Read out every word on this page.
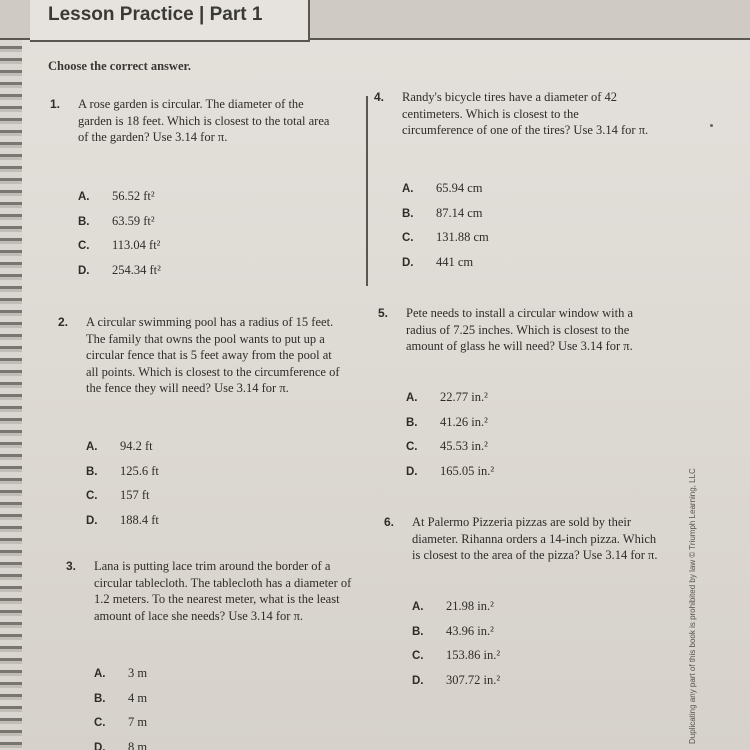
Lesson Practice | Part 1
Choose the correct answer.
1. A rose garden is circular. The diameter of the garden is 18 feet. Which is closest to the total area of the garden? Use 3.14 for π.
A. 56.52 ft²
B. 63.59 ft²
C. 113.04 ft²
D. 254.34 ft²
2. A circular swimming pool has a radius of 15 feet. The family that owns the pool wants to put up a circular fence that is 5 feet away from the pool at all points. Which is closest to the circumference of the fence they will need? Use 3.14 for π.
A. 94.2 ft
B. 125.6 ft
C. 157 ft
D. 188.4 ft
3. Lana is putting lace trim around the border of a circular tablecloth. The tablecloth has a diameter of 1.2 meters. To the nearest meter, what is the least amount of lace she needs? Use 3.14 for π.
A. 3 m
B. 4 m
C. 7 m
D. 8 m
4. Randy's bicycle tires have a diameter of 42 centimeters. Which is closest to the circumference of one of the tires? Use 3.14 for π.
A. 65.94 cm
B. 87.14 cm
C. 131.88 cm
D. 441 cm
5. Pete needs to install a circular window with a radius of 7.25 inches. Which is closest to the amount of glass he will need? Use 3.14 for π.
A. 22.77 in.²
B. 41.26 in.²
C. 45.53 in.²
D. 165.05 in.²
6. At Palermo Pizzeria pizzas are sold by their diameter. Rihanna orders a 14-inch pizza. Which is closest to the area of the pizza? Use 3.14 for π.
A. 21.98 in.²
B. 43.96 in.²
C. 153.86 in.²
D. 307.72 in.²	Duplicating any part of this book is prohibited by law © Triumph Learning, LLC
